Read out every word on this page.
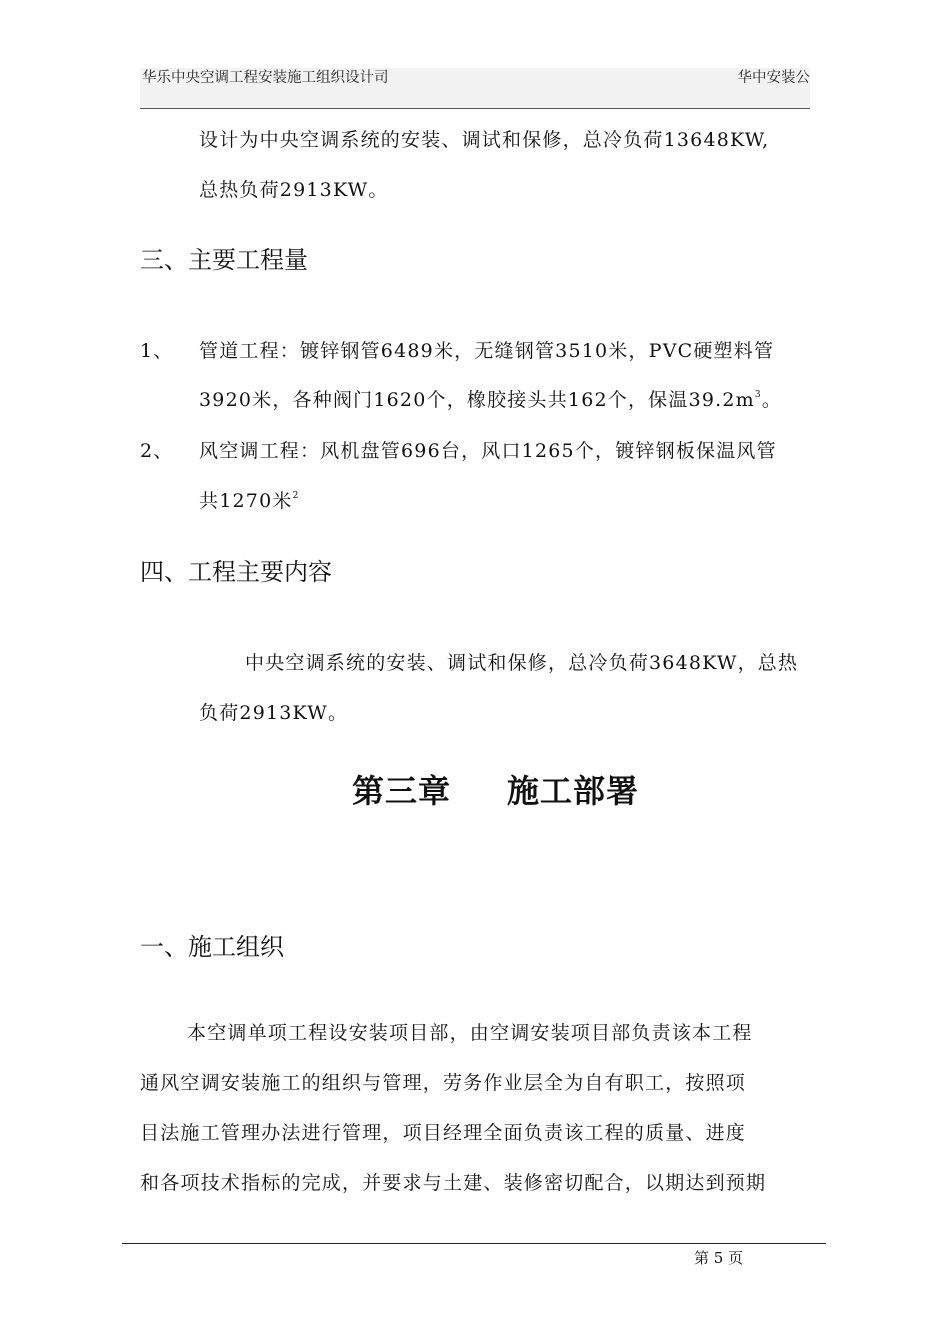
华乐中央空调工程安装施工组织设计司	华中安装公
设计为中央空调系统的安装、调试和保修，总冷负荷13648KW,
总热负荷2913KW。
三、主要工程量
1、 管道工程：镀锌钢管6489米，无缝钢管3510米，PVC硬塑料管
3920米，各种阀门1620个，橡胶接头共162个，保温$39.2m^3$。
2、 风空调工程：风机盘管696台，风口1265个，镀锌钢板保温风管
共1270米$^2$
四、工程主要内容
中央空调系统的安装、调试和保修，总冷负荷3648KW，总热
负荷2913KW。
第三章 施工部署
一、施工组织
本空调单项工程设安装项目部，由空调安装项目部负责该本工程
通风空调安装施工的组织与管理，劳务作业层全为自有职工，按照项
目法施工管理办法进行管理，项目经理全面负责该工程的质量、进度
和各项技术指标的完成，并要求与土建、装修密切配合，以期达到预期
第 5 页
